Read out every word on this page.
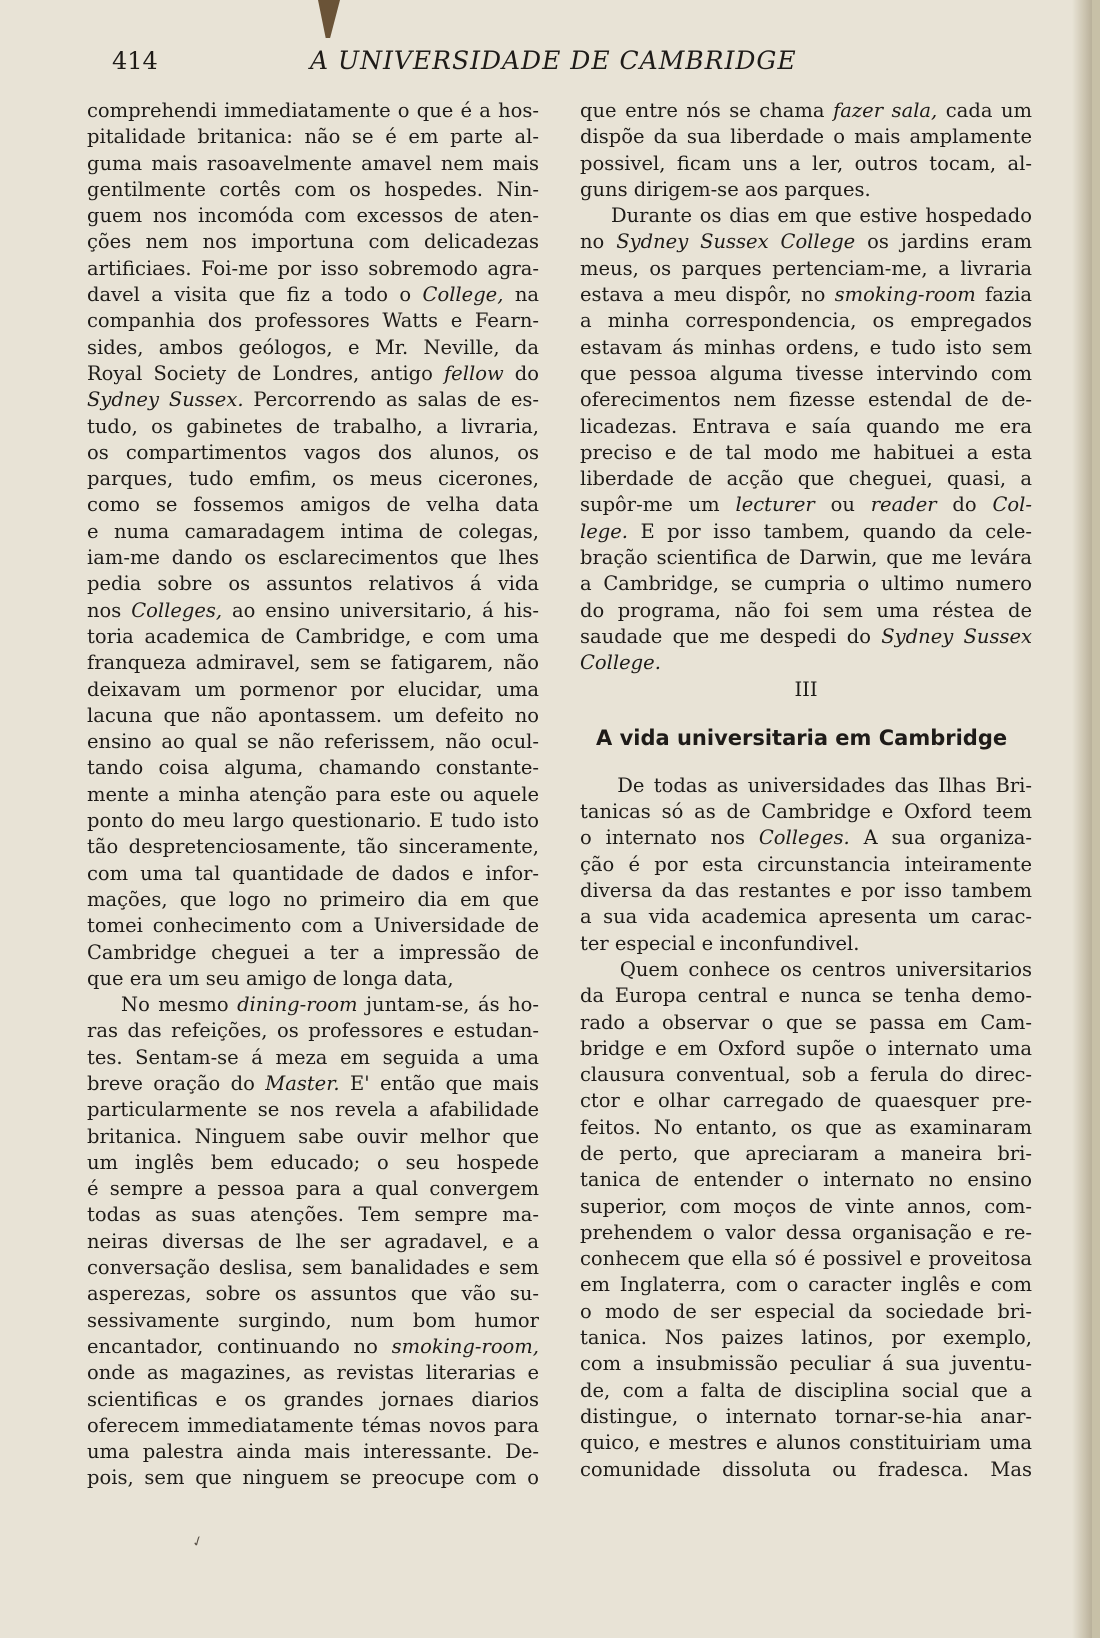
414	A UNIVERSIDADE DE CAMBRIDGE
comprehendi immediatamente o que é a hos-
pitalidade britanica: não se é em parte al-
guma mais rasoavelmente amavel nem mais
gentilmente cortês com os hospedes. Nin-
guem nos incomóda com excessos de aten-
ções nem nos importuna com delicadezas
artificiaes. Foi-me por isso sobremodo agra-
davel a visita que fiz a todo o College, na
companhia dos professores Watts e Fearn-
sides, ambos geólogos, e Mr. Neville, da
Royal Society de Londres, antigo fellow do
Sydney Sussex. Percorrendo as salas de es-
tudo, os gabinetes de trabalho, a livraria,
os compartimentos vagos dos alunos, os
parques, tudo emfim, os meus cicerones,
como se fossemos amigos de velha data
e numa camaradagem intima de colegas,
iam-me dando os esclarecimentos que lhes
pedia sobre os assuntos relativos á vida
nos Colleges, ao ensino universitario, á his-
toria academica de Cambridge, e com uma
franqueza admiravel, sem se fatigarem, não
deixavam um pormenor por elucidar, uma
lacuna que não apontassem. um defeito no
ensino ao qual se não referissem, não ocul-
tando coisa alguma, chamando constante-
mente a minha atenção para este ou aquele
ponto do meu largo questionario. E tudo isto
tão despretenciosamente, tão sinceramente,
com uma tal quantidade de dados e infor-
mações, que logo no primeiro dia em que
tomei conhecimento com a Universidade de
Cambridge cheguei a ter a impressão de
que era um seu amigo de longa data,
No mesmo dining-room juntam-se, ás ho-
ras das refeições, os professores e estudan-
tes. Sentam-se á meza em seguida a uma
breve oração do Master. E' então que mais
particularmente se nos revela a afabilidade
britanica. Ninguem sabe ouvir melhor que
um inglês bem educado; o seu hospede
é sempre a pessoa para a qual convergem
todas as suas atenções. Tem sempre ma-
neiras diversas de lhe ser agradavel, e a
conversação deslisa, sem banalidades e sem
asperezas, sobre os assuntos que vão su-
sessivamente surgindo, num bom humor
encantador, continuando no smoking-room,
onde as magazines, as revistas literarias e
scientificas e os grandes jornaes diarios
oferecem immediatamente témas novos para
uma palestra ainda mais interessante. De-
pois, sem que ninguem se preocupe com o
que entre nós se chama fazer sala, cada um
dispõe da sua liberdade o mais amplamente
possivel, ficam uns a ler, outros tocam, al-
guns dirigem-se aos parques.
Durante os dias em que estive hospedado
no Sydney Sussex College os jardins eram
meus, os parques pertenciam-me, a livraria
estava a meu dispôr, no smoking-room fazia
a minha correspondencia, os empregados
estavam ás minhas ordens, e tudo isto sem
que pessoa alguma tivesse intervindo com
oferecimentos nem fizesse estendal de de-
licadezas. Entrava e saía quando me era
preciso e de tal modo me habituei a esta
liberdade de acção que cheguei, quasi, a
supôr-me um lecturer ou reader do Col-
lege. E por isso tambem, quando da cele-
bração scientifica de Darwin, que me levára
a Cambridge, se cumpria o ultimo numero
do programa, não foi sem uma réstea de
saudade que me despedi do Sydney Sussex
College.
III
A vida universitaria em Cambridge
De todas as universidades das Ilhas Bri-
tanicas só as de Cambridge e Oxford teem
o internato nos Colleges. A sua organiza-
ção é por esta circunstancia inteiramente
diversa da das restantes e por isso tambem
a sua vida academica apresenta um carac-
ter especial e inconfundivel.
Quem conhece os centros universitarios
da Europa central e nunca se tenha demo-
rado a observar o que se passa em Cam-
bridge e em Oxford supõe o internato uma
clausura conventual, sob a ferula do direc-
ctor e olhar carregado de quaesquer pre-
feitos. No entanto, os que as examinaram
de perto, que apreciaram a maneira bri-
tanica de entender o internato no ensino
superior, com moços de vinte annos, com-
prehendem o valor dessa organisação e re-
conhecem que ella só é possivel e proveitosa
em Inglaterra, com o caracter inglês e com
o modo de ser especial da sociedade bri-
tanica. Nos paizes latinos, por exemplo,
com a insubmissão peculiar á sua juventu-
de, com a falta de disciplina social que a
distingue, o internato tornar-se-hia anar-
quico, e mestres e alunos constituiriam uma
comunidade dissoluta ou fradesca. Mas
✓
